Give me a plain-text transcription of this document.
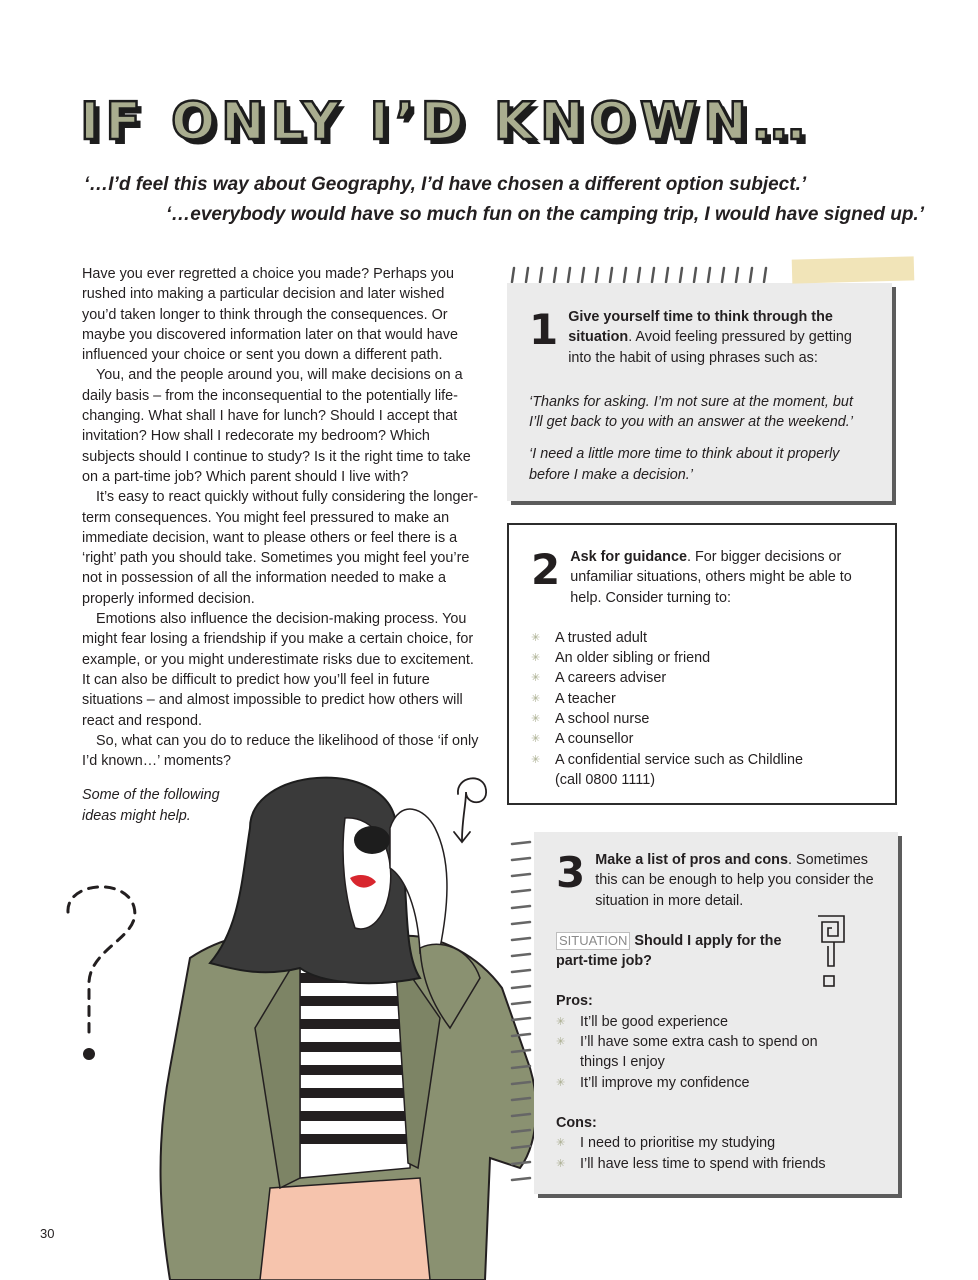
IF ONLY I’D KNOWN…

‘…I’d feel this way about Geography, I’d have chosen a different option subject.’

‘…everybody would have so much fun on the camping trip, I would have signed up.’

Have you ever regretted a choice you made? Perhaps you rushed into making a particular decision and later wished you’d taken longer to think through the consequences. Or maybe you discovered information later on that would have influenced your choice or sent you down a different path.

You, and the people around you, will make decisions on a daily basis – from the inconsequential to the potentially life-changing. What shall I have for lunch? Should I accept that invitation? How shall I redecorate my bedroom? Which subjects should I continue to study? Is it the right time to take on a part-time job? Which parent should I live with?

It’s easy to react quickly without fully considering the longer-term consequences. You might feel pressured to make an immediate decision, want to please others or feel there is a ‘right’ path you should take. Sometimes you might feel you’re not in possession of all the information needed to make a properly informed decision.

Emotions also influence the decision-making process. You might fear losing a friendship if you make a certain choice, for example, or you might underestimate risks due to excitement. It can also be difficult to predict how you’ll feel in future situations – and almost impossible to predict how others will react and respond.

So, what can you do to reduce the likelihood of those ‘if only I’d known…’ moments?

Some of the following ideas might help.

30

1 Give yourself time to think through the situation. Avoid feeling pressured by getting into the habit of using phrases such as:

‘Thanks for asking. I’m not sure at the moment, but I’ll get back to you with an answer at the weekend.’

‘I need a little more time to think about it properly before I make a decision.’

2 Ask for guidance. For bigger decisions or unfamiliar situations, others might be able to help. Consider turning to:

✳ A trusted adult
✳ An older sibling or friend
✳ A careers adviser
✳ A teacher
✳ A school nurse
✳ A counsellor
✳ A confidential service such as Childline (call 0800 1111)

3 Make a list of pros and cons. Sometimes this can be enough to help you consider the situation in more detail.

SITUATION Should I apply for the part-time job?

Pros:

✳ It’ll be good experience
✳ I’ll have some extra cash to spend on things I enjoy
✳ It’ll improve my confidence

Cons:

✳ I need to prioritise my studying
✳ I’ll have less time to spend with friends
